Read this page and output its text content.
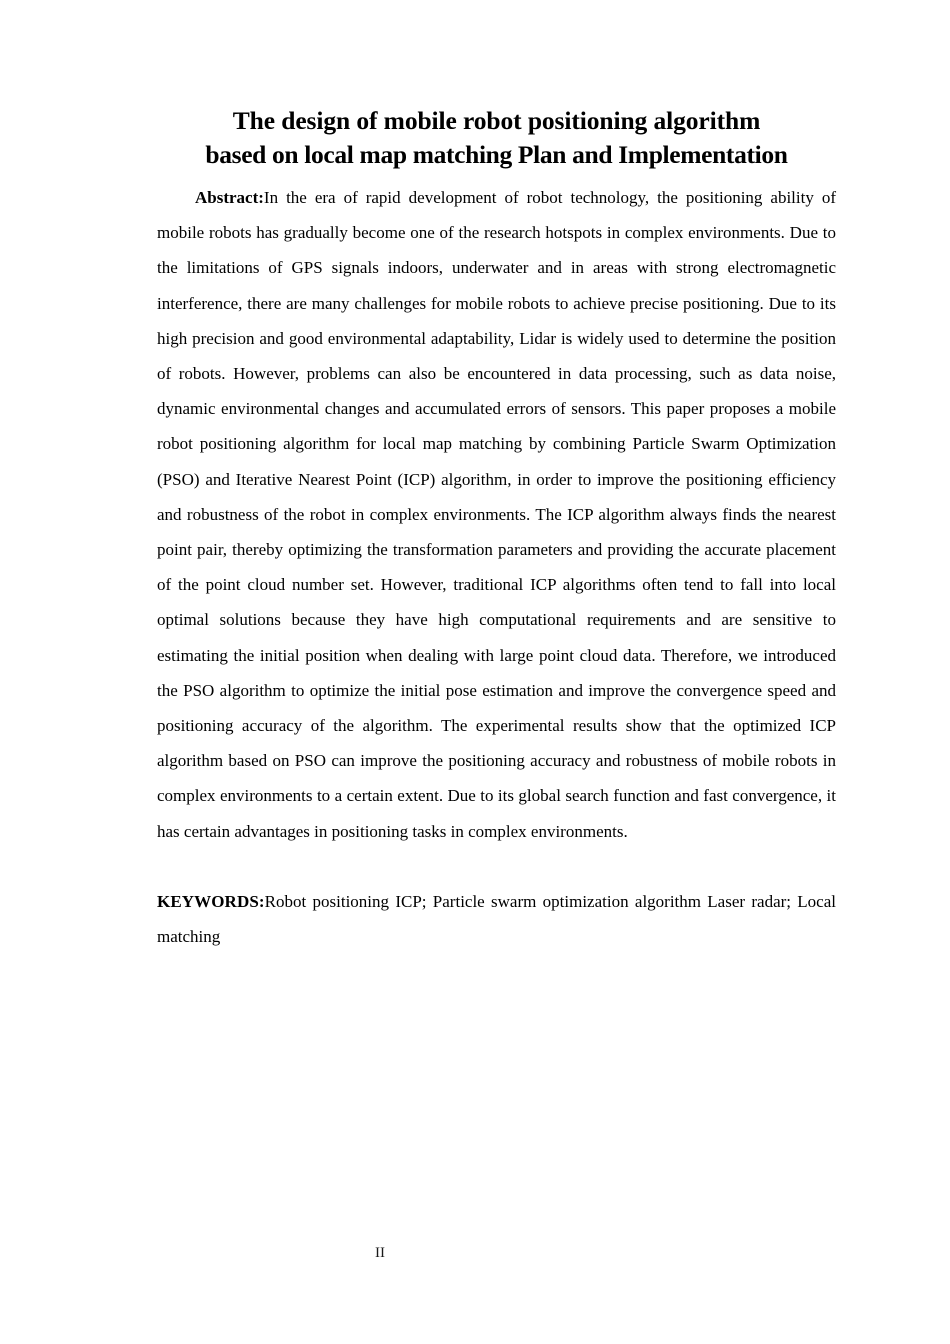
The design of mobile robot positioning algorithm
based on local map matching Plan and Implementation

Abstract:In the era of rapid development of robot technology, the positioning ability of mobile robots has gradually become one of the research hotspots in complex environments. Due to the limitations of GPS signals indoors, underwater and in areas with strong electromagnetic interference, there are many challenges for mobile robots to achieve precise positioning. Due to its high precision and good environmental adaptability, Lidar is widely used to determine the position of robots. However, problems can also be encountered in data processing, such as data noise, dynamic environmental changes and accumulated errors of sensors. This paper proposes a mobile robot positioning algorithm for local map matching by combining Particle Swarm Optimization (PSO) and Iterative Nearest Point (ICP) algorithm, in order to improve the positioning efficiency and robustness of the robot in complex environments. The ICP algorithm always finds the nearest point pair, thereby optimizing the transformation parameters and providing the accurate placement of the point cloud number set. However, traditional ICP algorithms often tend to fall into local optimal solutions because they have high computational requirements and are sensitive to estimating the initial position when dealing with large point cloud data. Therefore, we introduced the PSO algorithm to optimize the initial pose estimation and improve the convergence speed and positioning accuracy of the algorithm. The experimental results show that the optimized ICP algorithm based on PSO can improve the positioning accuracy and robustness of mobile robots in complex environments to a certain extent. Due to its global search function and fast convergence, it has certain advantages in positioning tasks in complex environments.

KEYWORDS:Robot positioning ICP; Particle swarm optimization algorithm Laser radar; Local matching

II
